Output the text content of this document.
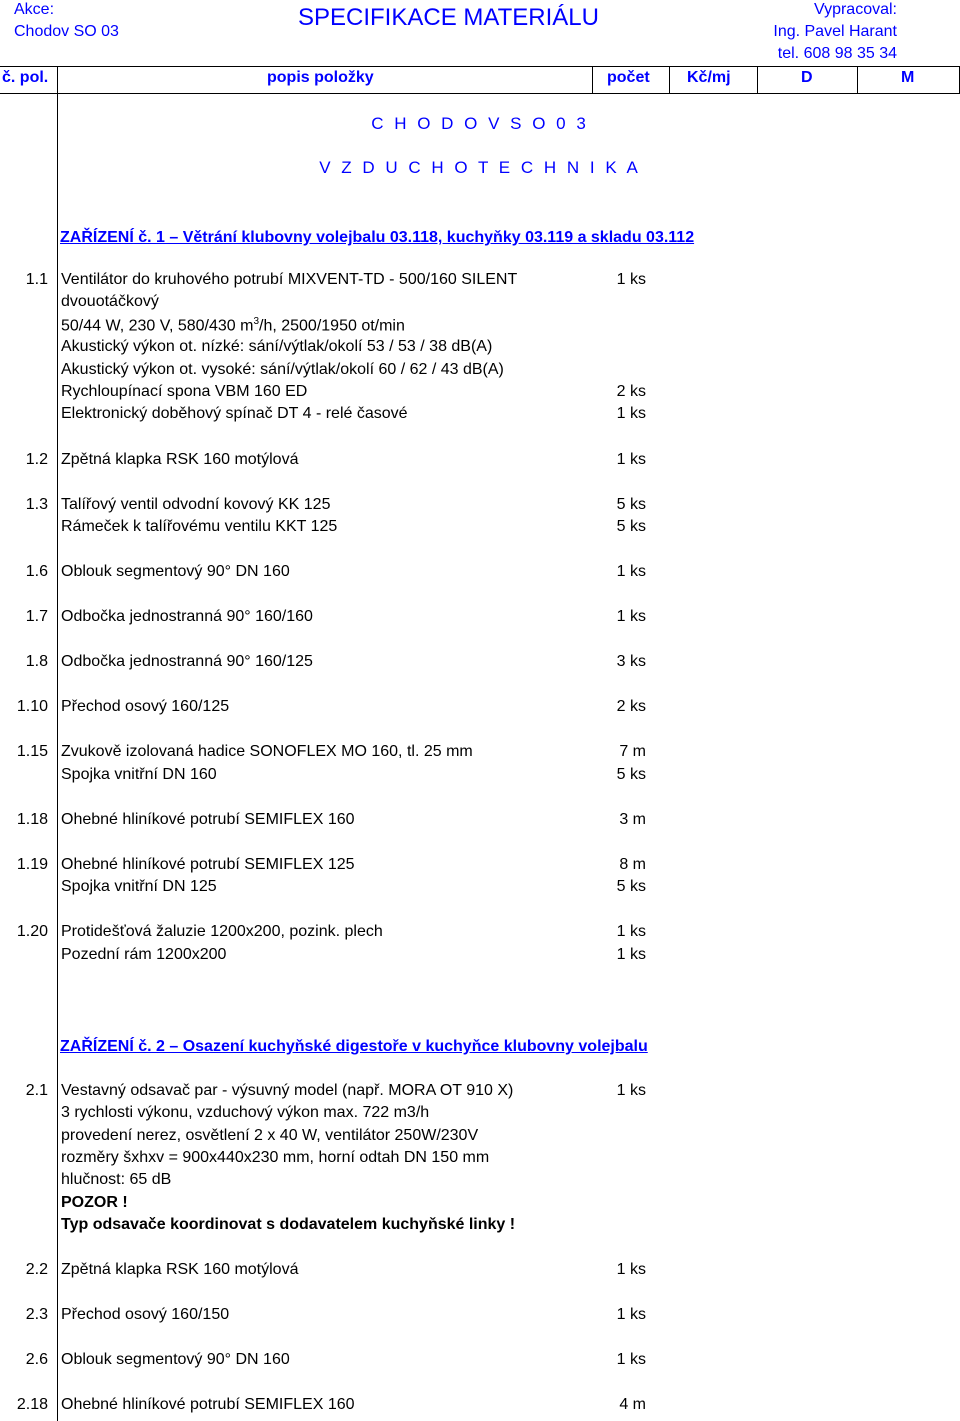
Akce:
Chodov SO 03
SPECIFIKACE MATERIÁLU	Vypracoval:
Ing. Pavel Harant
tel. 608 98 35 34
č. pol.	popis položky	počet Kč/mj	D	M
C H O D O V S O 0 3
V Z D U C H O T E C H N I K A
ZAŘÍZENÍ č. 1 – Větrání klubovny volejbalu 03.118, kuchyňky 03.119 a skladu 03.112
1.1 Ventilátor do kruhového potrubí MIXVENT-TD - 500/160 SILENT	1 ks
dvouotáčkový
50/44 W, 230 V, 580/430 $m^3/h$, 2500/1950 ot/min
Akustický výkon ot. nízké: sání/výtlak/okolí 53 / 53 / 38 dB(A)
Akustický výkon ot. vysoké: sání/výtlak/okolí 60 / 62 / 43 dB(A)
Rychloupínací spona VBM 160 ED	2 ks
Elektronický doběhový spínač DT 4 - relé časové	1 ks
1.2 Zpětná klapka RSK 160 motýlová	1 ks
1.3 Talířový ventil odvodní kovový KK 125	5 ks
Rámeček k talířovému ventilu KKT 125	5 ks
1.6 Oblouk segmentový 90° DN 160	1 ks
1.7 Odbočka jednostranná 90° 160/160	1 ks
1.8 Odbočka jednostranná 90° 160/125	3 ks
1.10 Přechod osový 160/125	2 ks
1.15 Zvukově izolovaná hadice SONOFLEX MO 160, tl. 25 mm	7 m
Spojka vnitřní DN 160	5 ks
1.18 Ohebné hliníkové potrubí SEMIFLEX 160	3 m
1.19 Ohebné hliníkové potrubí SEMIFLEX 125	8 m
Spojka vnitřní DN 125	5 ks
1.20 Protidešťová žaluzie 1200x200, pozink. plech	1 ks
Pozední rám 1200x200	1 ks
ZAŘÍZENÍ č. 2 – Osazení kuchyňské digestoře v kuchyňce klubovny volejbalu
2.1 Vestavný odsavač par - výsuvný model (např. MORA OT 910 X)	1 ks
3 rychlosti výkonu, vzduchový výkon max. 722 m3/h
provedení nerez, osvětlení 2 x 40 W, ventilátor 250W/230V
rozměry šxhxv = 900x440x230 mm, horní odtah DN 150 mm
hlučnost: 65 dB
POZOR !
Typ odsavače koordinovat s dodavatelem kuchyňské linky !
2.2 Zpětná klapka RSK 160 motýlová	1 ks
2.3 Přechod osový 160/150	1 ks
2.6 Oblouk segmentový 90° DN 160	1 ks
2.18 Ohebné hliníkové potrubí SEMIFLEX 160	4 m
